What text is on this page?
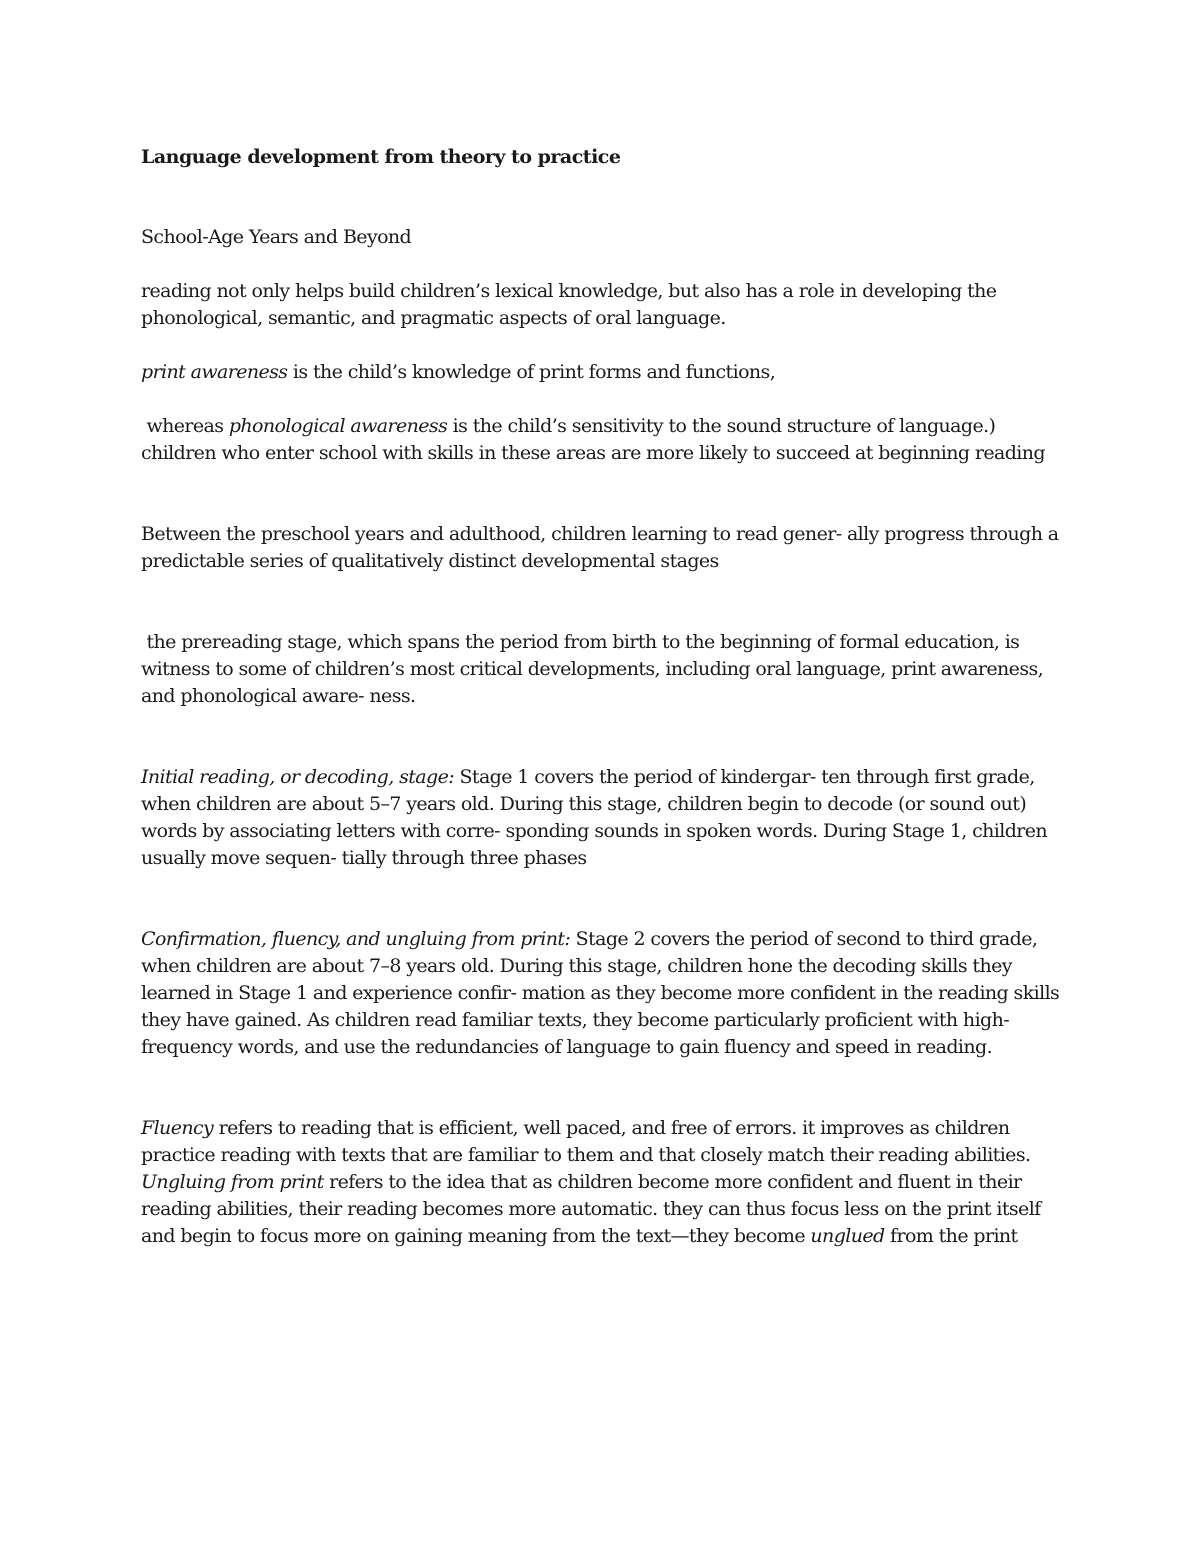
Language development from theory to practice

School-Age Years and Beyond

reading not only helps build children’s lexical knowledge, but also has a role in developing the phonological, semantic, and pragmatic aspects of oral language.

print awareness is the child’s knowledge of print forms and functions,

whereas phonological awareness is the child’s sensitivity to the sound structure of language.) children who enter school with skills in these areas are more likely to succeed at beginning reading

Between the preschool years and adulthood, children learning to read gener- ally progress through a predictable series of qualitatively distinct developmental stages

the prereading stage, which spans the period from birth to the beginning of formal education, is witness to some of children’s most critical developments, including oral language, print awareness, and phonological aware- ness.

Initial reading, or decoding, stage: Stage 1 covers the period of kindergar- ten through first grade, when children are about 5–7 years old. During this stage, children begin to decode (or sound out) words by associating letters with corre- sponding sounds in spoken words. During Stage 1, children usually move sequen- tially through three phases

Confirmation, fluency, and ungluing from print: Stage 2 covers the period of second to third grade, when children are about 7–8 years old. During this stage, children hone the decoding skills they learned in Stage 1 and experience confir- mation as they become more confident in the reading skills they have gained. As children read familiar texts, they become particularly proficient with high-frequency words, and use the redundancies of language to gain fluency and speed in reading.

Fluency refers to reading that is efficient, well paced, and free of errors. it improves as children practice reading with texts that are familiar to them and that closely match their reading abilities. Ungluing from print refers to the idea that as children become more confident and fluent in their reading abilities, their reading becomes more automatic. they can thus focus less on the print itself and begin to focus more on gaining meaning from the text—they become unglued from the print
